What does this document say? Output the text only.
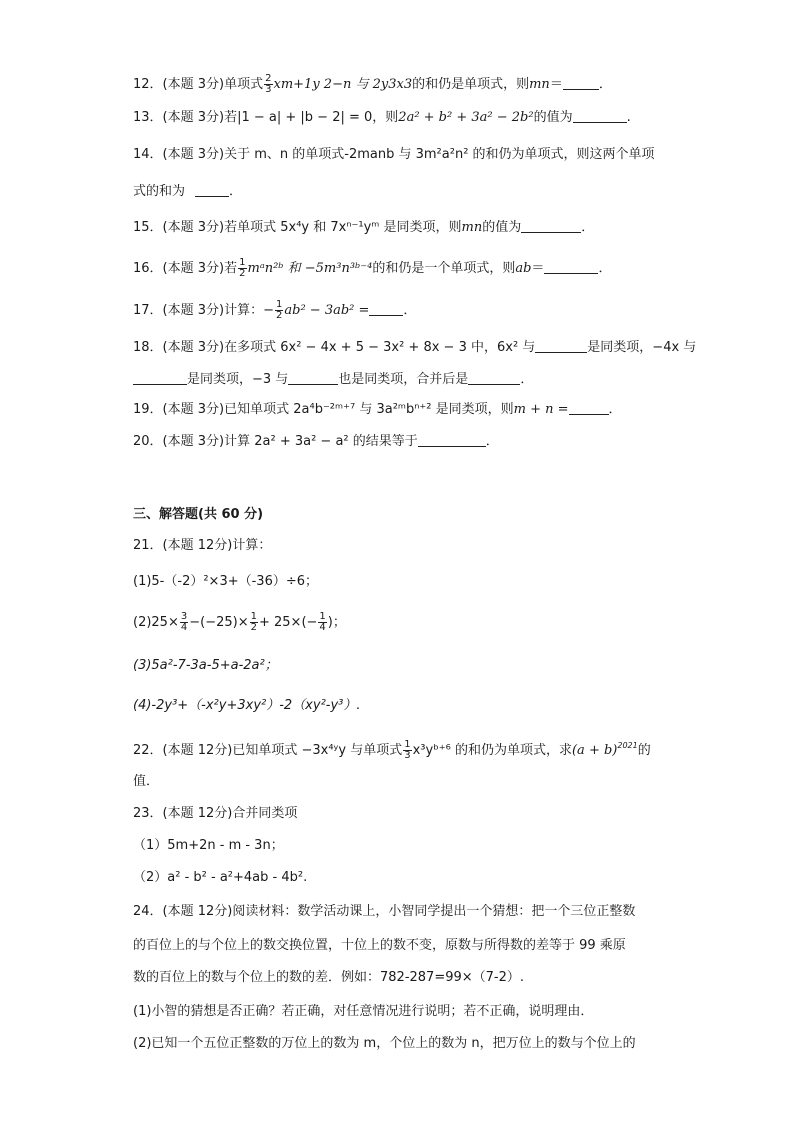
12．(本题 3分)单项式 $\frac{2}{3} xm+1y$ 2−n 与 2y3x3的和仍是单项式，则mn＝	．
13．(本题 3分)若|1 − a| + |b − 2| = 0，则2a² + b² + 3a² − 2b²的值为	.
14．(本题 3分)关于 m、n 的单项式-2manb 与 3m²a²n² 的和仍为单项式，则这两个单项
式的和为	．
15．(本题 3分)若单项式 5x⁴y 和 7xⁿ⁻¹yᵐ 是同类项，则mn的值为	．
16．(本题 3分)若 $\frac{1}{2}$ mᵃn²ᵇ 和 −5m³n³ᵇ⁻⁴的和仍是一个单项式，则ab＝	．
17．(本题 3分)计算：− $\frac{1}{2} ab^2 - 3ab^2$ =	．
18．(本题 3分)在多项式 6x² − 4x + 5 − 3x² + 8x − 3 中，6x² 与	是同类项，−4x 与
是同类项，−3 与	也是同类项，合并后是	．
19．(本题 3分)已知单项式 2a⁴b⁻²ᵐ⁺⁷ 与 3a²ᵐbⁿ⁺² 是同类项，则m + n =	．
20．(本题 3分)计算 2a² + 3a² − a² 的结果等于	．
三、解答题(共 60 分)
21．(本题 12分)计算：
(1)5-（-2）²×3+（-36）÷6；
$(2)25\times \frac{3}{4} -(-25)\times \frac{1}{2} + 25\times(- \frac{1}{4}$ )；
(3)5a²-7-3a-5+a-2a²；
(4)-2y³+（-x²y+3xy²）-2（xy²-y³）.
22．(本题 12分)已知单项式 −3x⁴ʸy 与单项式 $\frac{1}{3}$ x³yᵇ⁺⁶ 的和仍为单项式，求$(a + b)^{2021}$的
值．
23．(本题 12分)合并同类项
（1）5m+2n - m - 3n；
（2）a² - b² - a²+4ab - 4b².
24．(本题 12分)阅读材料：数学活动课上，小智同学提出一个猜想：把一个三位正整数
的百位上的与个位上的数交换位置，十位上的数不变，原数与所得数的差等于 99 乘原
数的百位上的数与个位上的数的差．例如：782-287=99×（7-2）.
(1)小智的猜想是否正确？若正确，对任意情况进行说明；若不正确，说明理由．
(2)已知一个五位正整数的万位上的数为 m，个位上的数为 n，把万位上的数与个位上的
